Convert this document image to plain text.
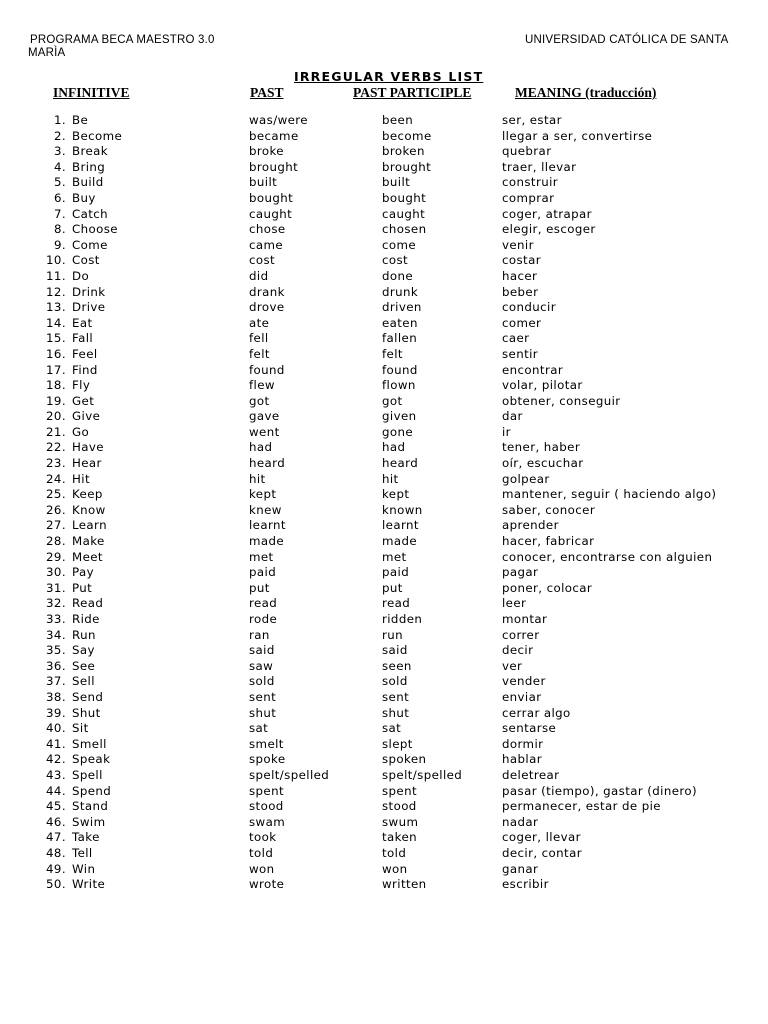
PROGRAMA BECA MAESTRO 3.0	UNIVERSIDAD CATÓLICA DE SANTA
MARÌA
IRREGULAR VERBS LIST
INFINITIVE	PAST	PAST PARTICIPLE	MEANING (traducción)
1. Be	was/were	been	ser, estar
2. Become	became	become	llegar a ser, convertirse
3. Break	broke	broken	quebrar
4. Bring	brought	brought	traer, llevar
5. Build	built	built	construir
6. Buy	bought	bought	comprar
7. Catch	caught	caught	coger, atrapar
8. Choose	chose	chosen	elegir, escoger
9. Come	came	come	venir
10. Cost	cost	cost	costar
11. Do	did	done	hacer
12. Drink	drank	drunk	beber
13. Drive	drove	driven	conducir
14. Eat	ate	eaten	comer
15. Fall	fell	fallen	caer
16. Feel	felt	felt	sentir
17. Find	found	found	encontrar
18. Fly	flew	flown	volar, pilotar
19. Get	got	got	obtener, conseguir
20. Give	gave	given	dar
21. Go	went	gone	ir
22. Have	had	had	tener, haber
23. Hear	heard	heard	oír, escuchar
24. Hit	hit	hit	golpear
25. Keep	kept	kept	mantener, seguir ( haciendo algo)
26. Know	knew	known	saber, conocer
27. Learn	learnt	learnt	aprender
28. Make	made	made	hacer, fabricar
29. Meet	met	met	conocer, encontrarse con alguien
30. Pay	paid	paid	pagar
31. Put	put	put	poner, colocar
32. Read	read	read	leer
33. Ride	rode	ridden	montar
34. Run	ran	run	correr
35. Say	said	said	decir
36. See	saw	seen	ver
37. Sell	sold	sold	vender
38. Send	sent	sent	enviar
39. Shut	shut	shut	cerrar algo
40. Sit	sat	sat	sentarse
41. Smell	smelt	slept	dormir
42. Speak	spoke	spoken	hablar
43. Spell	spelt/spelled	spelt/spelled	deletrear
44. Spend	spent	spent	pasar (tiempo), gastar (dinero)
45. Stand	stood	stood	permanecer, estar de pie
46. Swim	swam	swum	nadar
47. Take	took	taken	coger, llevar
48. Tell	told	told	decir, contar
49. Win	won	won	ganar
50. Write	wrote	written	escribir
